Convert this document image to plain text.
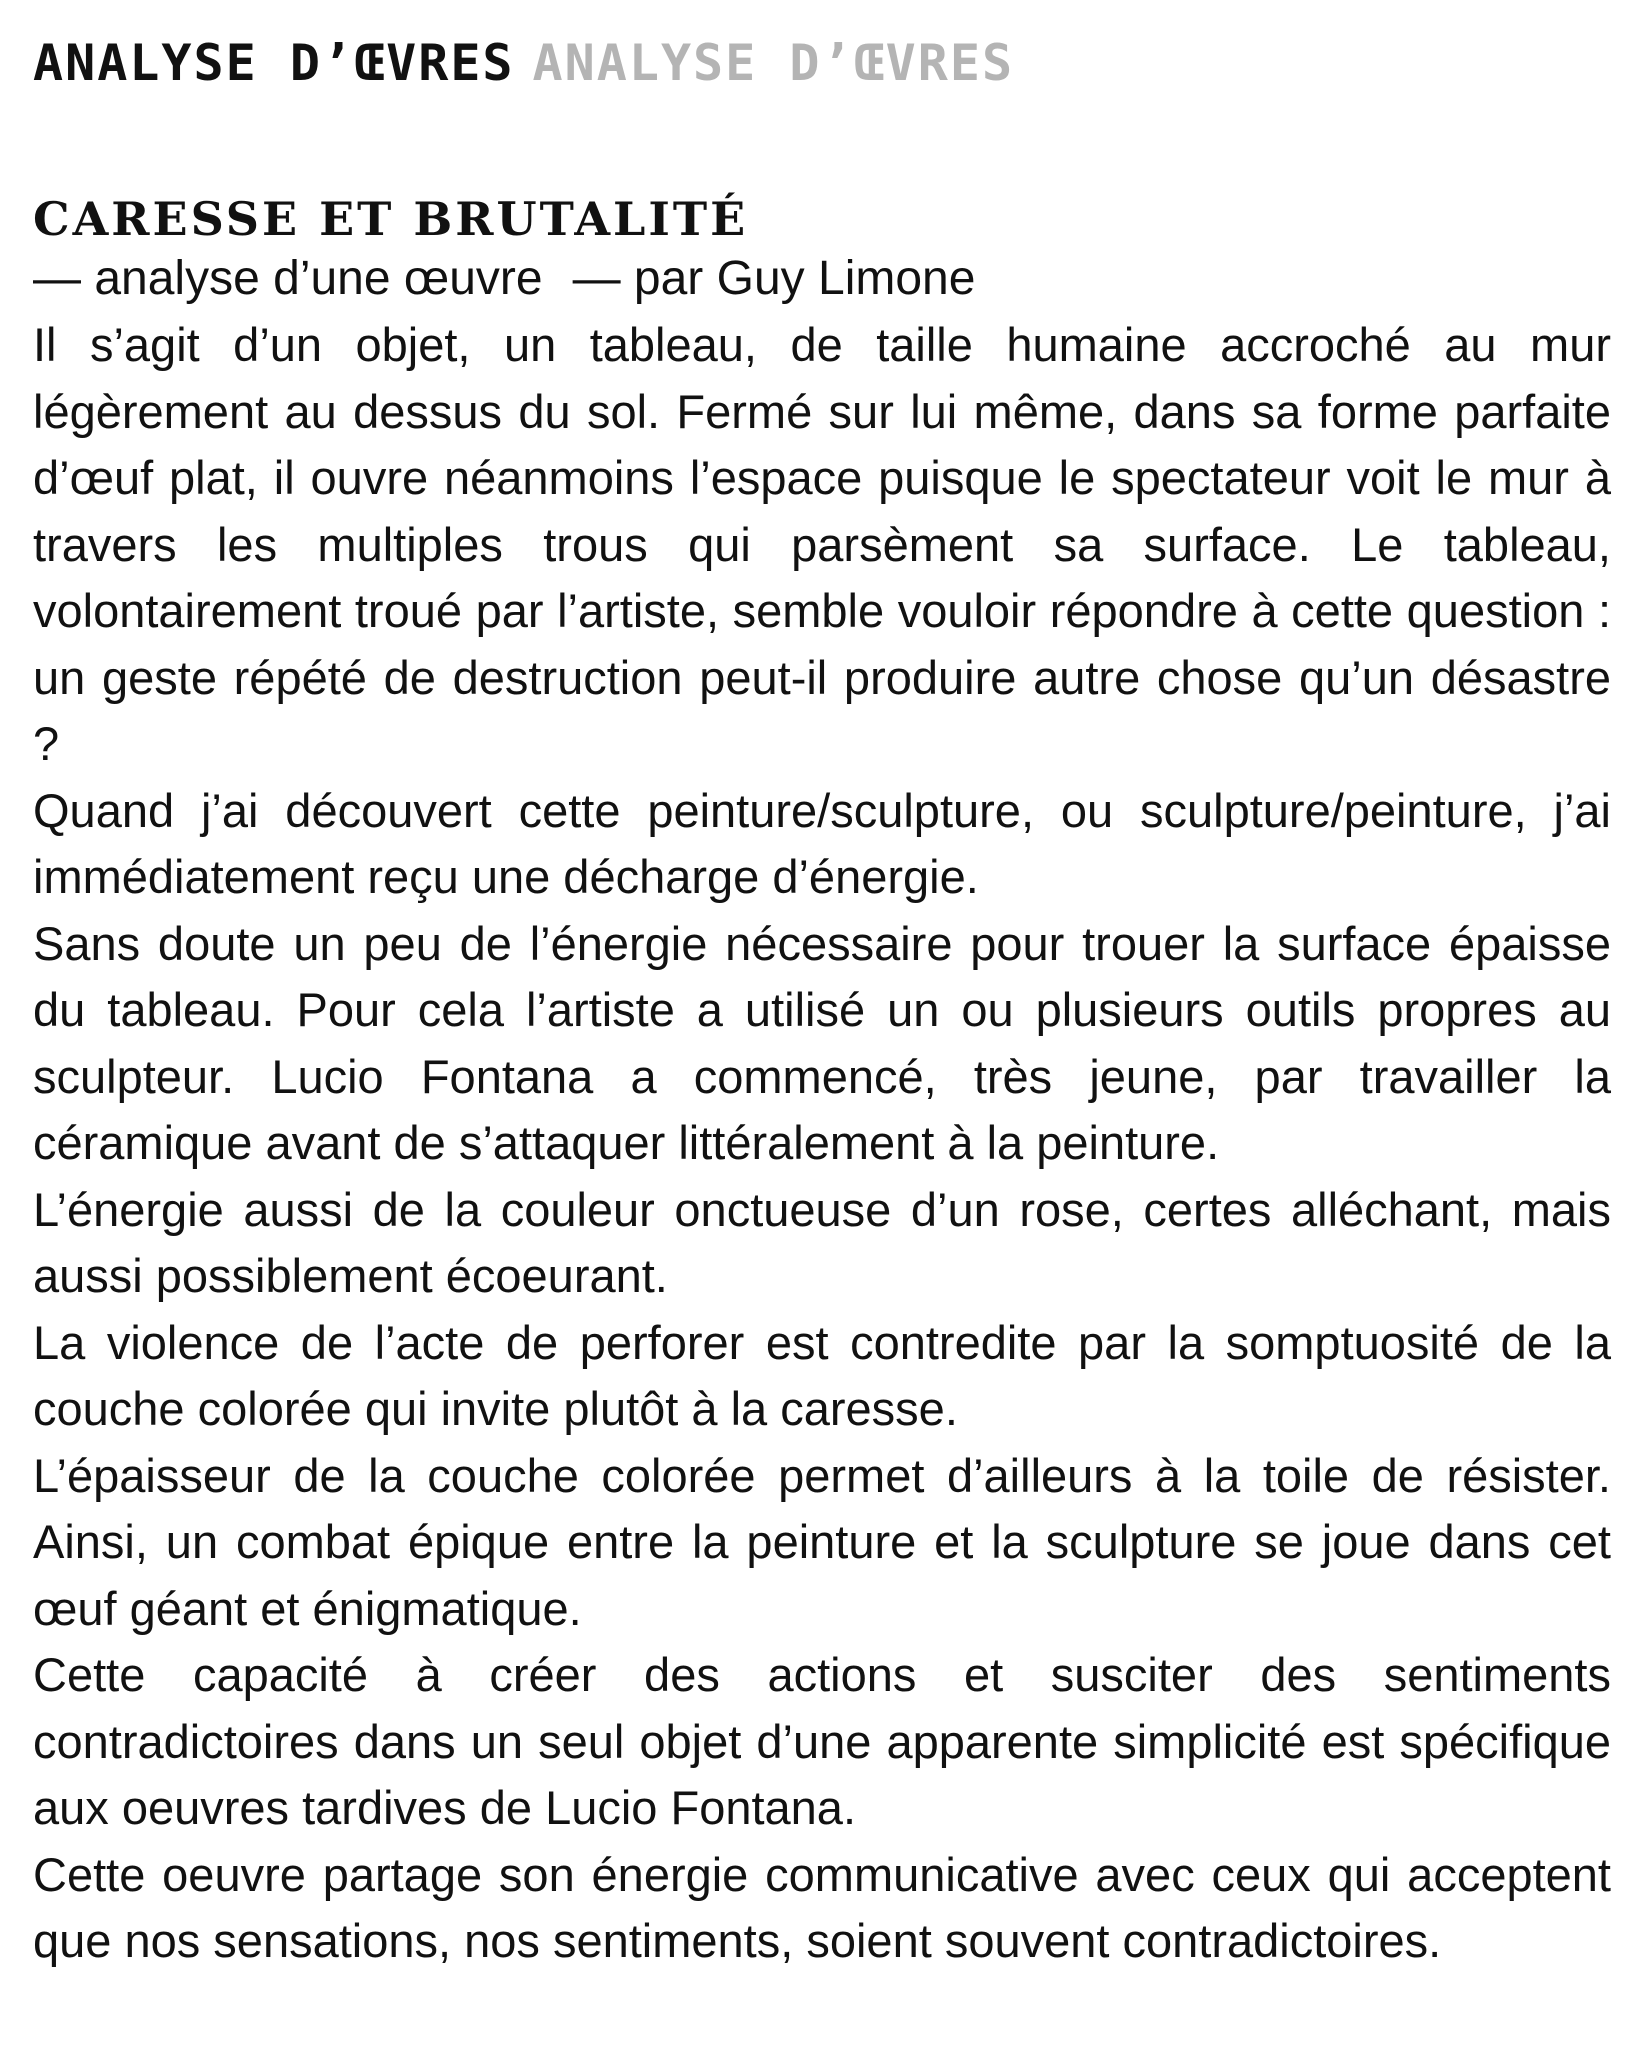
ANALYSE D’ŒVRES ANALYSE D’ŒVRES
CARESSE ET BRUTALITÉ
— analyse d’une œuvre — par Guy Limone

Il s’agit d’un objet, un tableau, de taille humaine accroché au mur légèrement au dessus du sol. Fermé sur lui même, dans sa forme parfaite d’œuf plat, il ouvre néanmoins l’espace puisque le spectateur voit le mur à travers les multiples trous qui parsèment sa surface. Le tableau, volontairement troué par l’artiste, semble vouloir répondre à cette question : un geste répété de destruction peut-il produire autre chose qu’un désastre ?

Quand j’ai découvert cette peinture/sculpture, ou sculpture/peinture, j’ai immédiatement reçu une décharge d’énergie.

Sans doute un peu de l’énergie nécessaire pour trouer la surface épaisse du tableau. Pour cela l’artiste a utilisé un ou plusieurs outils propres au sculpteur. Lucio Fontana a commencé, très jeune, par travailler la céramique avant de s’attaquer littéralement à la peinture.

L’énergie aussi de la couleur onctueuse d’un rose, certes alléchant, mais aussi possiblement écoeurant.

La violence de l’acte de perforer est contredite par la somptuosité de la couche colorée qui invite plutôt à la caresse.

L’épaisseur de la couche colorée permet d’ailleurs à la toile de résister. Ainsi, un combat épique entre la peinture et la sculpture se joue dans cet œuf géant et énigmatique.

Cette capacité à créer des actions et susciter des sentiments contradictoires dans un seul objet d’une apparente simplicité est spécifique aux oeuvres tardives de Lucio Fontana.

Cette oeuvre partage son énergie communicative avec ceux qui acceptent que nos sensations, nos sentiments, soient souvent contradictoires.
